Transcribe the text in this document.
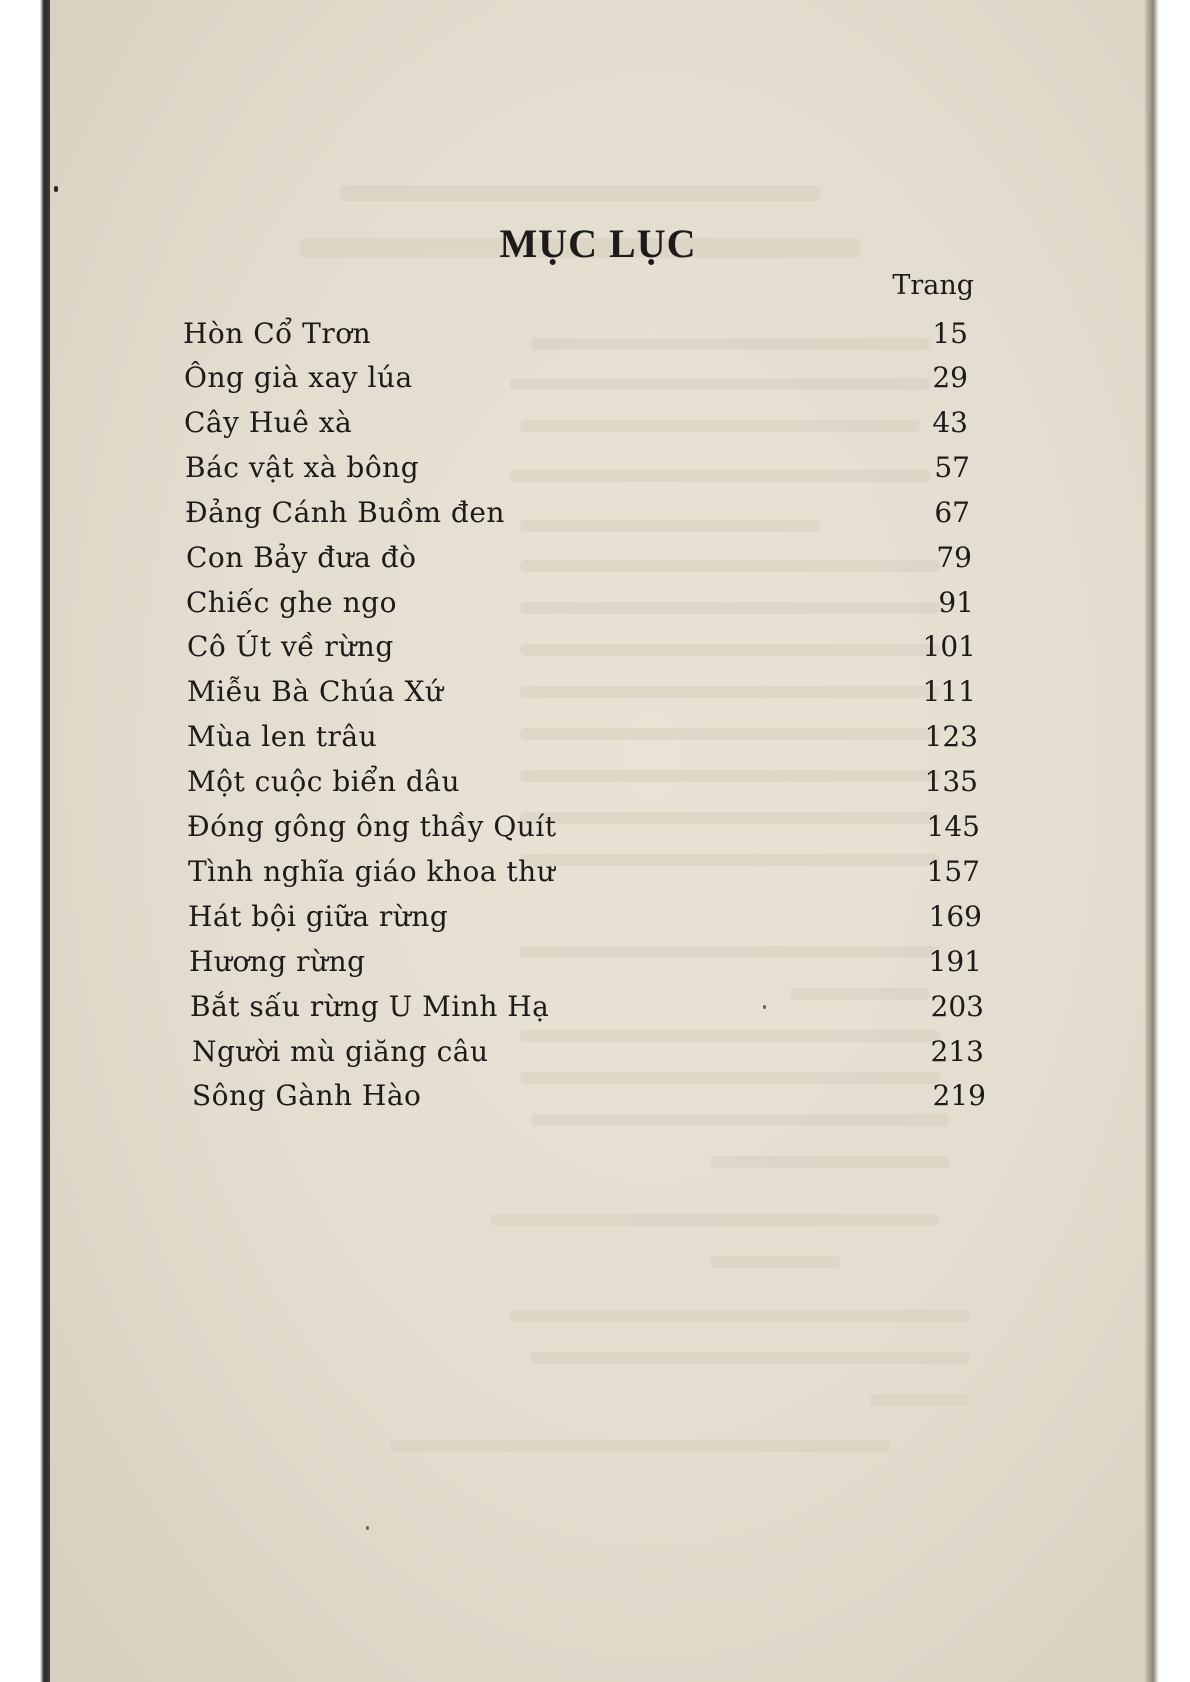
MỤC LỤC
Trang
Hòn Cổ Trơn	15
Ông già xay lúa	29
Cây Huê xà	43
Bác vật xà bông	57
Đảng Cánh Buồm đen	67
Con Bảy đưa đò	79
Chiếc ghe ngo	91
Cô Út về rừng	101
Miễu Bà Chúa Xứ	111
Mùa len trâu	123
Một cuộc biển dâu	135
Đóng gông ông thầy Quít	145
Tình nghĩa giáo khoa thư	157
Hát bội giữa rừng	169
Hương rừng	191
Bắt sấu rừng U Minh Hạ	203
Người mù giăng câu	213
Sông Gành Hào	219
